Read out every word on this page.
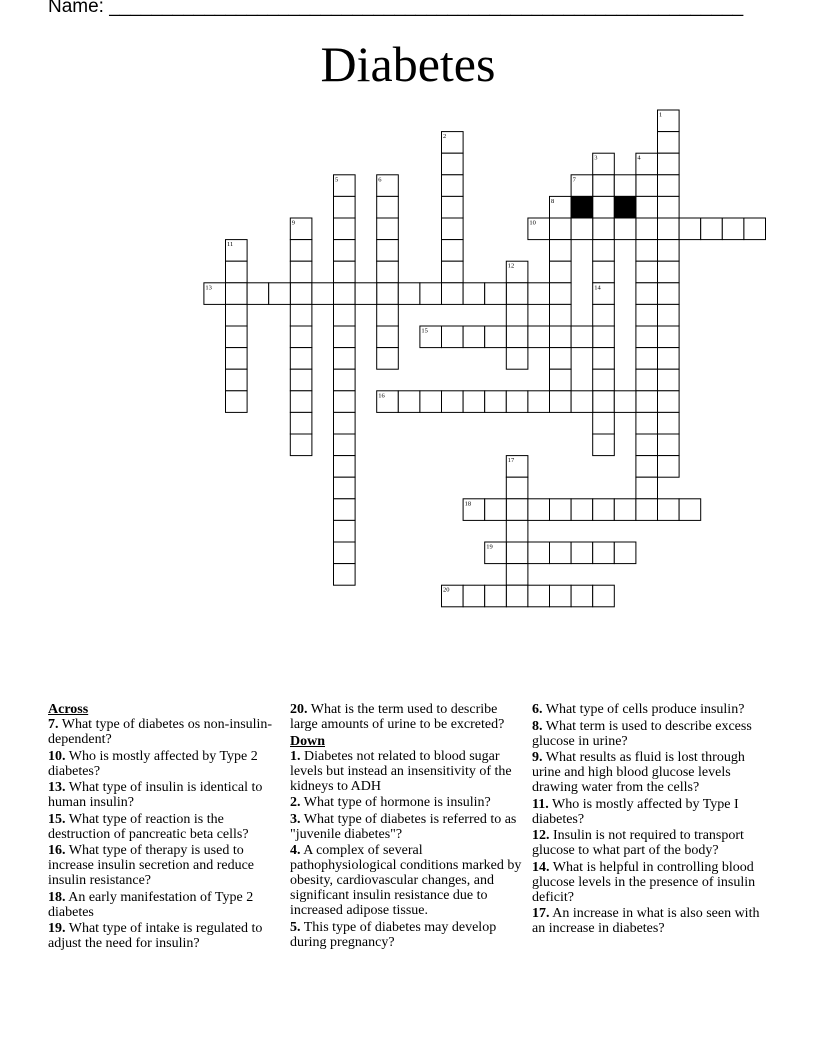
Name: ____________________________________________________________
Diabetes
1
2
3	4
5	6	7
8
9	10
11
12
13	14
15
16
17
18
19
20
Across
7. What type of diabetes os non-insulin-dependent?
10. Who is mostly affected by Type 2 diabetes?
13. What type of insulin is identical to human insulin?
15. What type of reaction is the destruction of pancreatic beta cells?
16. What type of therapy is used to increase insulin secretion and reduce insulin resistance?
18. An early manifestation of Type 2 diabetes
19. What type of intake is regulated to adjust the need for insulin?
20. What is the term used to describe large amounts of urine to be excreted?
Down
1. Diabetes not related to blood sugar levels but instead an insensitivity of the kidneys to ADH
2. What type of hormone is insulin?
3. What type of diabetes is referred to as "juvenile diabetes"?
4. A complex of several pathophysiological conditions marked by obesity, cardiovascular changes, and significant insulin resistance due to increased adipose tissue.
5. This type of diabetes may develop during pregnancy?
6. What type of cells produce insulin?
8. What term is used to describe excess glucose in urine?
9. What results as fluid is lost through urine and high blood glucose levels drawing water from the cells?
11. Who is mostly affected by Type I diabetes?
12. Insulin is not required to transport glucose to what part of the body?
14. What is helpful in controlling blood glucose levels in the presence of insulin deficit?
17. An increase in what is also seen with an increase in diabetes?
